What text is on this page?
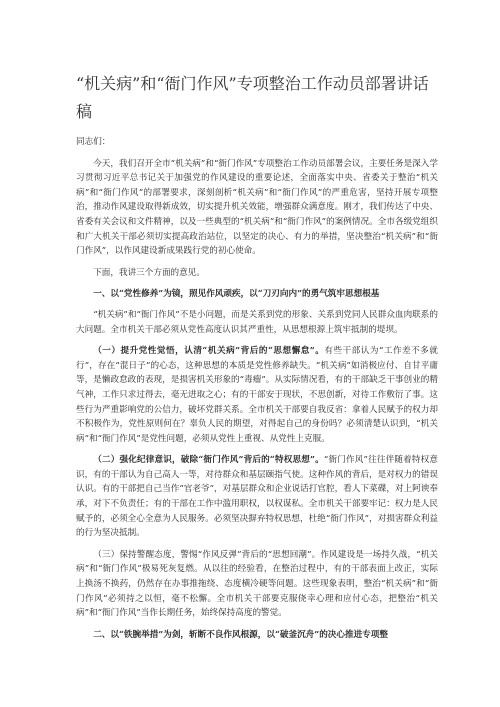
“机关病”和“衙门作风”专项整治工作动员部署讲话稿

同志们：

今天，我们召开全市“机关病”和“衙门作风”专项整治工作动员部署会议，主要任务是深入学习贯彻习近平总书记关于加强党的作风建设的重要论述，全面落实中央、省委关于整治“机关病”和“衙门作风”的部署要求，深刻剖析“机关病”和“衙门作风”的严重危害，坚持开展专项整治，推动作风建设取得新成效，切实提升机关效能，增强群众满意度。刚才，我们传达了中央、省委有关会议和文件精神，以及一些典型的“机关病”和“衙门作风”的案例情况。全市各级党组织和广大机关干部必须切实提高政治站位，以坚定的决心、有力的举措，坚决整治“机关病”和“衙门作风”，以作风建设新成果践行党的初心使命。

下面，我讲三个方面的意见。

一、以“党性修养”为镜，照见作风顽疾，以“刀刃向内”的勇气筑牢思想根基

“机关病”和“衙门作风”不是小问题，而是关系到党的形象、关系到党同人民群众血肉联系的大问题。全市机关干部必须从党性高度认识其严重性，从思想根源上筑牢抵制的堤坝。

（一）提升党性觉悟，认清“机关病”背后的“思想懈怠”。有些干部认为“工作差不多就行”，存在“混日子”的心态，这种思想的本质是党性修养缺失。“机关病”如消极应付、自甘平庸等，是懒政怠政的表现，是损害机关形象的“毒瘤”。从实际情况看，有的干部缺乏干事创业的精气神，工作只求过得去，毫无进取之心；有的干部安于现状，不思创新，对待工作敷衍了事。这些行为严重影响党的公信力，破坏党群关系。全市机关干部要自我反省：拿着人民赋予的权力却不积极作为，党性原则何在？辜负人民的期望，对得起自己的身份吗？必须清楚认识到，“机关病”和“衙门作风”是党性问题，必须从党性上重视、从党性上克服。

（二）强化纪律意识，破除“衙门作风”背后的“特权思想”。“衙门作风”往往伴随着特权意识，有的干部认为自己高人一等，对待群众和基层颐指气使。这种作风的背后，是对权力的错误认识。有的干部把自己当作“官老爷”，对基层群众和企业说话打官腔，看人下菜碟，对上阿谀奉承，对下不负责任；有的干部在工作中滥用职权，以权谋私。全市机关干部要牢记：权力是人民赋予的，必须全心全意为人民服务。必须坚决摒弃特权思想，杜绝“衙门作风”，对损害群众利益的行为坚决抵制。

（三）保持警醒态度，警惕“作风反弹”背后的“思想回潮”。作风建设是一场持久战，“机关病”和“衙门作风”极易死灰复燃。从以往的经验看，在整治过程中，有的干部表面上改正，实际上换汤不换药，仍然存在办事推拖绕、态度横冷硬等问题。这些现象表明，整治“机关病”和“衙门作风”必须持之以恒，毫不松懈。全市机关干部要克服侥幸心理和应付心态，把整治“机关病”和“衙门作风”当作长期任务，始终保持高度的警觉。

二、以“铁腕举措”为剑，斩断不良作风根源，以“破釜沉舟”的决心推进专项整
